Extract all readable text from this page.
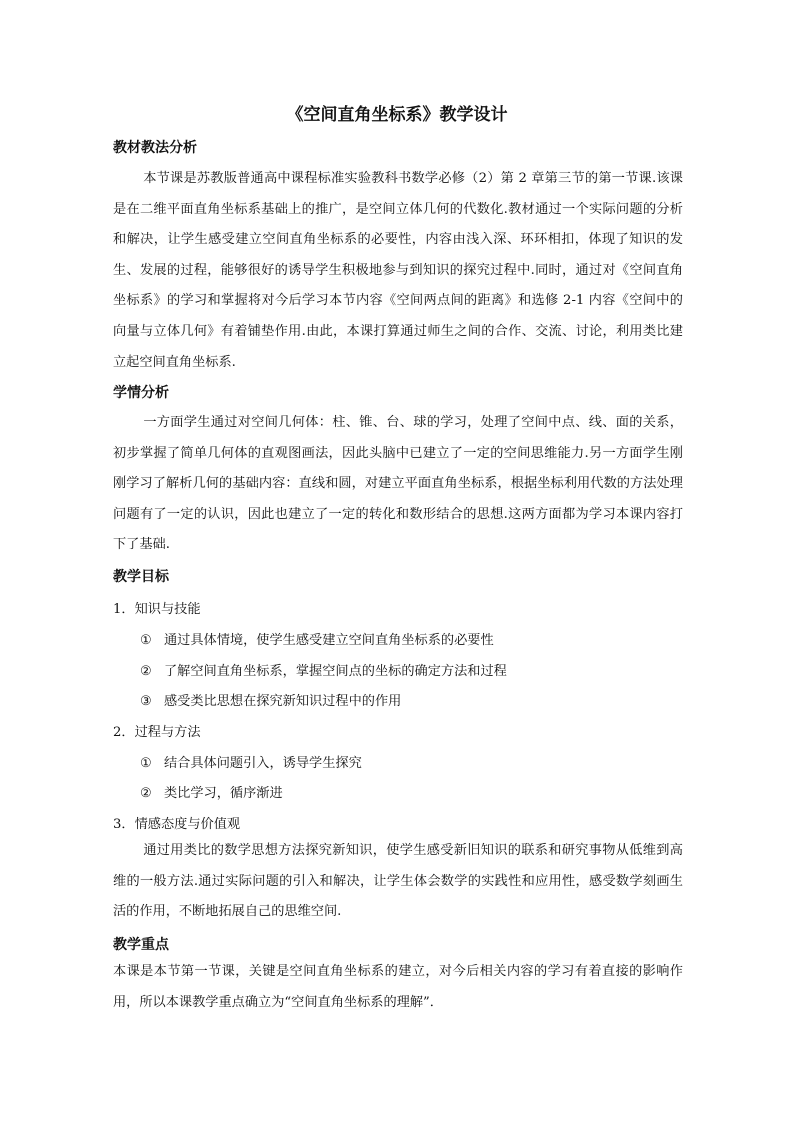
《空间直角坐标系》教学设计
教材教法分析

本节课是苏教版普通高中课程标准实验教科书数学必修（2）第 2 章第三节的第一节课.该课是在二维平面直角坐标系基础上的推广，是空间立体几何的代数化.教材通过一个实际问题的分析和解决，让学生感受建立空间直角坐标系的必要性，内容由浅入深、环环相扣，体现了知识的发生、发展的过程，能够很好的诱导学生积极地参与到知识的探究过程中.同时，通过对《空间直角坐标系》的学习和掌握将对今后学习本节内容《空间两点间的距离》和选修 2-1 内容《空间中的向量与立体几何》有着铺垫作用.由此，本课打算通过师生之间的合作、交流、讨论，利用类比建立起空间直角坐标系.

学情分析

一方面学生通过对空间几何体：柱、锥、台、球的学习，处理了空间中点、线、面的关系，初步掌握了简单几何体的直观图画法，因此头脑中已建立了一定的空间思维能力.另一方面学生刚刚学习了解析几何的基础内容：直线和圆，对建立平面直角坐标系，根据坐标利用代数的方法处理问题有了一定的认识，因此也建立了一定的转化和数形结合的思想.这两方面都为学习本课内容打下了基础.

教学目标

1．知识与技能

① 通过具体情境，使学生感受建立空间直角坐标系的必要性

② 了解空间直角坐标系，掌握空间点的坐标的确定方法和过程

③ 感受类比思想在探究新知识过程中的作用

2．过程与方法

① 结合具体问题引入，诱导学生探究

② 类比学习，循序渐进

3．情感态度与价值观

通过用类比的数学思想方法探究新知识，使学生感受新旧知识的联系和研究事物从低维到高维的一般方法.通过实际问题的引入和解决，让学生体会数学的实践性和应用性，感受数学刻画生活的作用，不断地拓展自己的思维空间.

教学重点

本课是本节第一节课，关键是空间直角坐标系的建立，对今后相关内容的学习有着直接的影响作用，所以本课教学重点确立为“空间直角坐标系的理解”．
